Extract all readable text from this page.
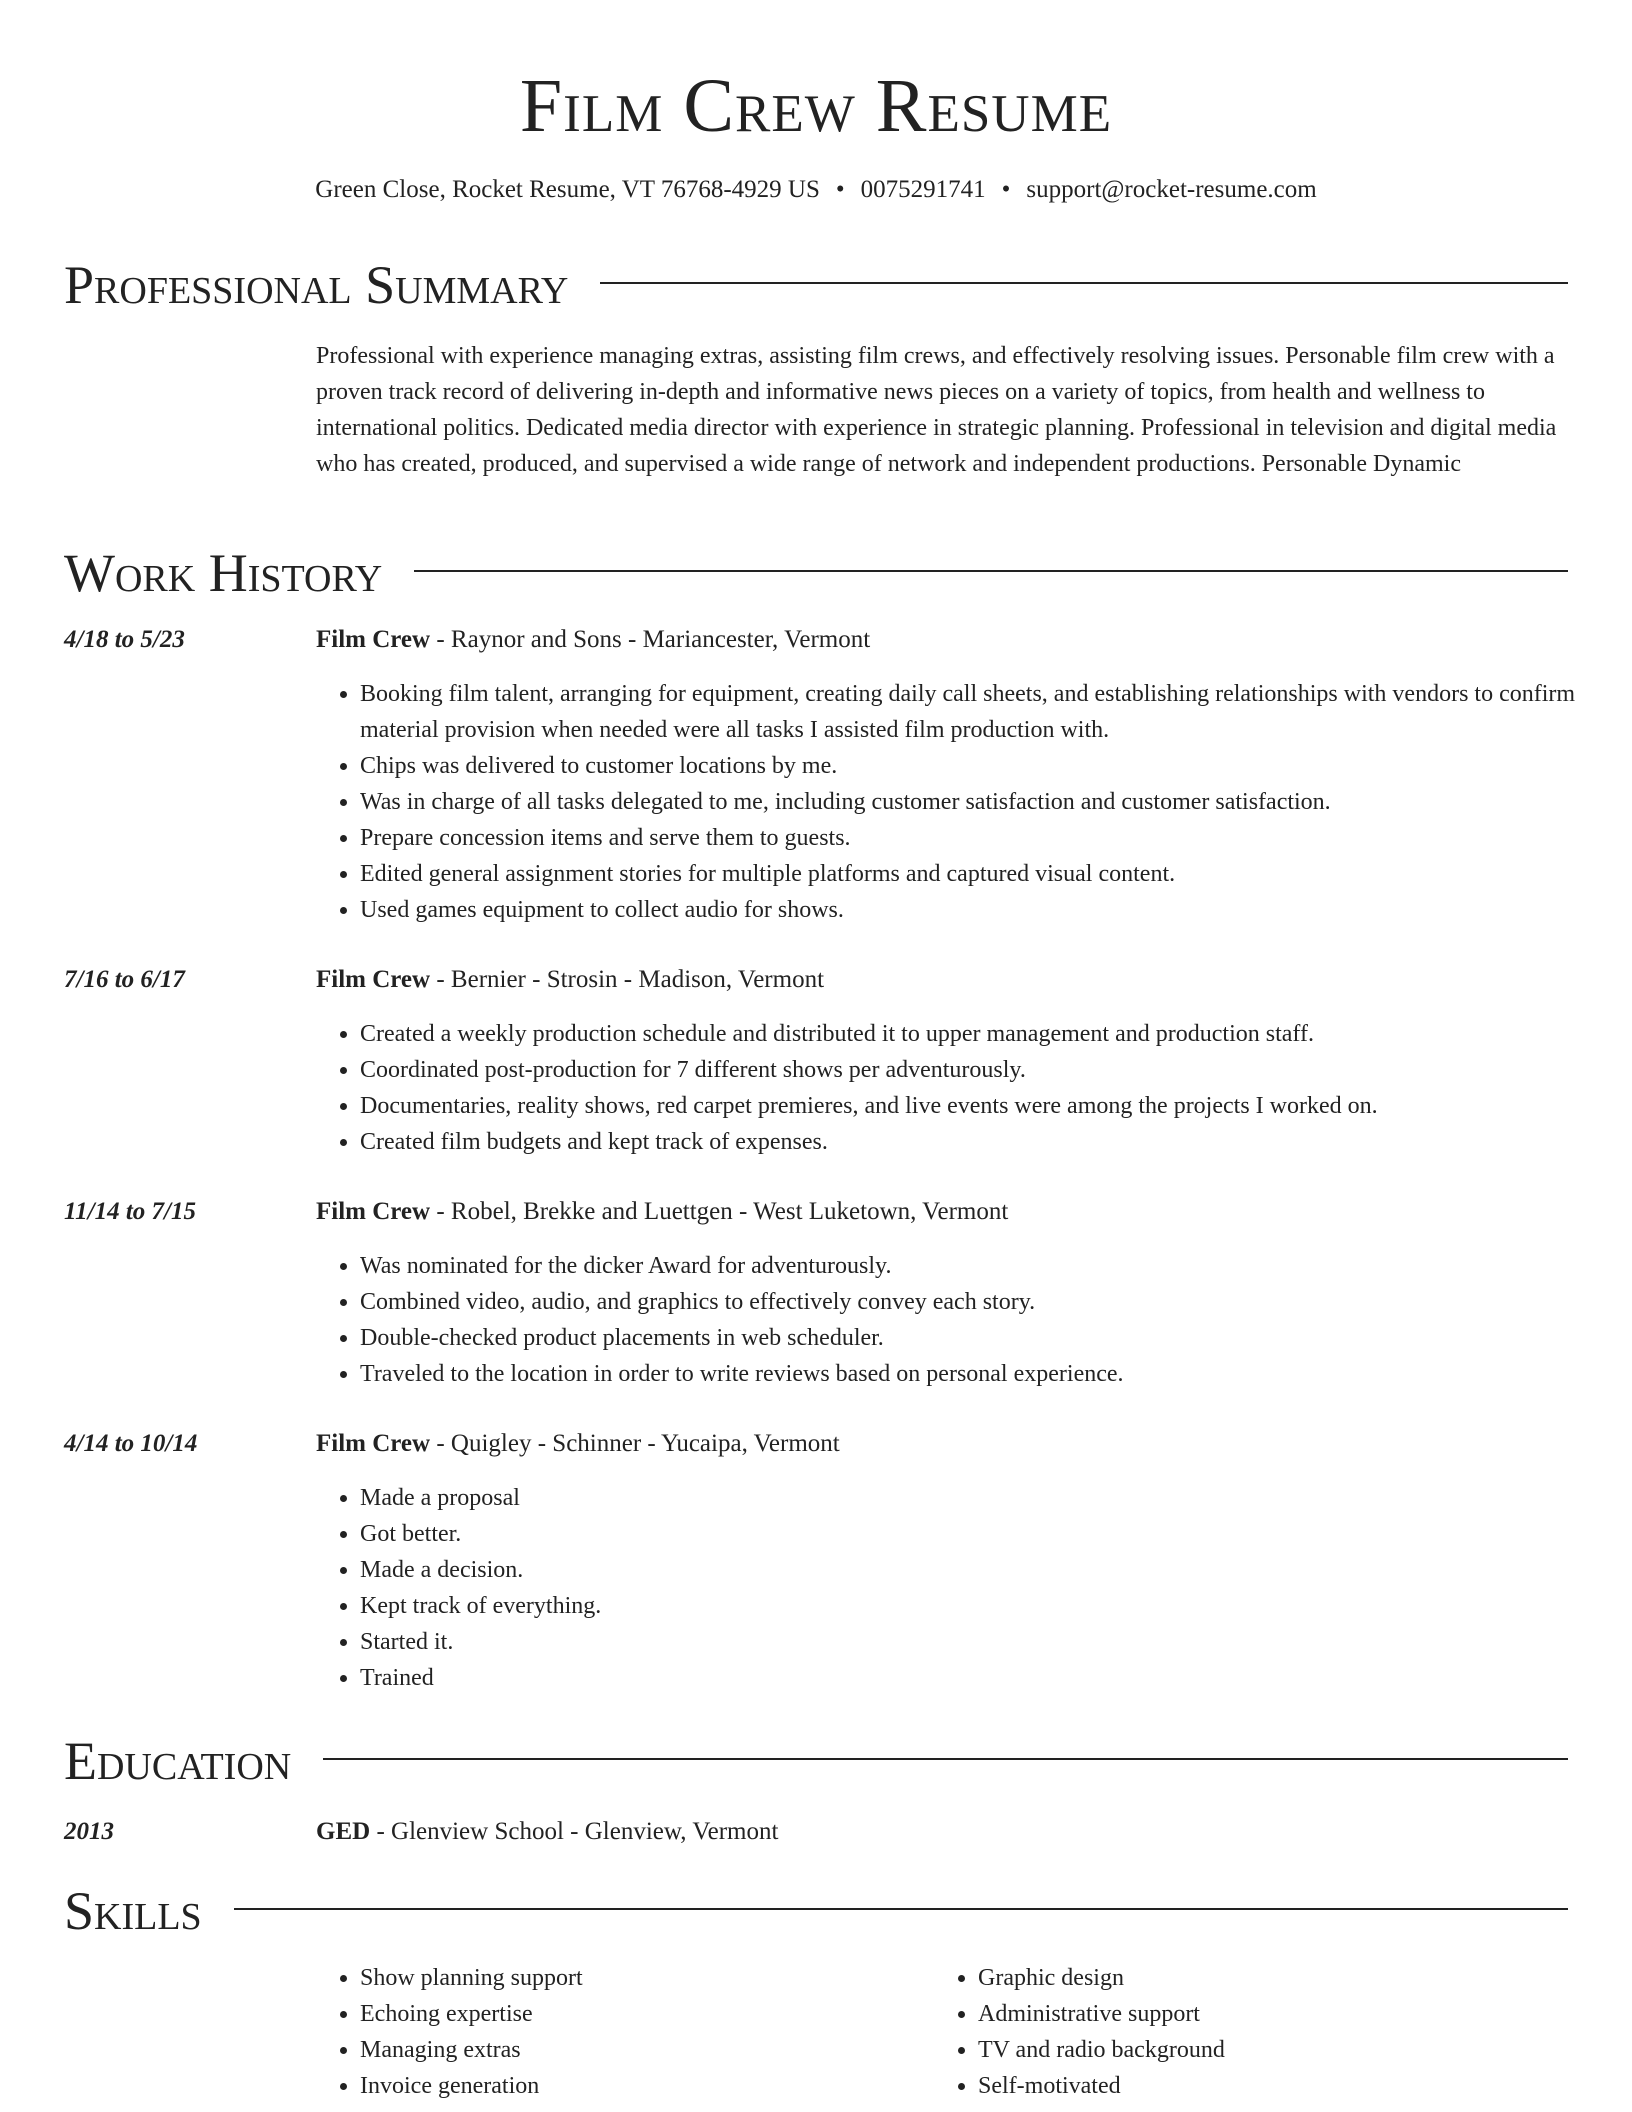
Film Crew Resume
Green Close, Rocket Resume, VT 76768-4929 US • 0075291741 • support@rocket-resume.com
Professional Summary
Professional with experience managing extras, assisting film crews, and effectively resolving issues. Personable film crew with a proven track record of delivering in-depth and informative news pieces on a variety of topics, from health and wellness to international politics. Dedicated media director with experience in strategic planning. Professional in television and digital media who has created, produced, and supervised a wide range of network and independent productions. Personable Dynamic
Work History
4/18 to 5/23	Film Crew - Raynor and Sons - Mariancester, Vermont
• Booking film talent, arranging for equipment, creating daily call sheets, and establishing relationships with vendors to confirm material provision when needed were all tasks I assisted film production with.
• Chips was delivered to customer locations by me.
• Was in charge of all tasks delegated to me, including customer satisfaction and customer satisfaction.
• Prepare concession items and serve them to guests.
• Edited general assignment stories for multiple platforms and captured visual content.
• Used games equipment to collect audio for shows.
7/16 to 6/17	Film Crew - Bernier - Strosin - Madison, Vermont
• Created a weekly production schedule and distributed it to upper management and production staff.
• Coordinated post-production for 7 different shows per adventurously.
• Documentaries, reality shows, red carpet premieres, and live events were among the projects I worked on.
• Created film budgets and kept track of expenses.
11/14 to 7/15	Film Crew - Robel, Brekke and Luettgen - West Luketown, Vermont
• Was nominated for the dicker Award for adventurously.
• Combined video, audio, and graphics to effectively convey each story.
• Double-checked product placements in web scheduler.
• Traveled to the location in order to write reviews based on personal experience.
4/14 to 10/14	Film Crew - Quigley - Schinner - Yucaipa, Vermont
• Made a proposal
• Got better.
• Made a decision.
• Kept track of everything.
• Started it.
• Trained
Education
2013	GED - Glenview School - Glenview, Vermont
Skills
• Show planning support
• Echoing expertise
• Managing extras
• Invoice generation
• Graphic design
• Administrative support
• TV and radio background
• Self-motivated
